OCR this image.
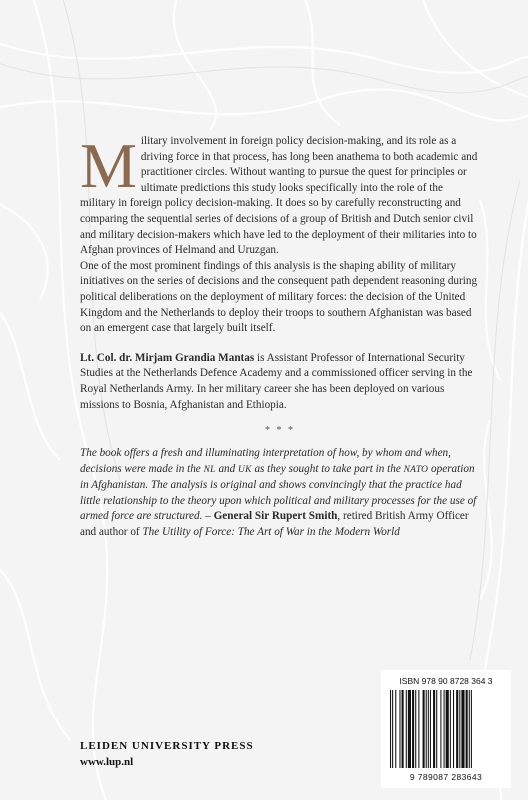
Military involvement in foreign policy decision-making, and its role as a driving force in that process, has long been anathema to both academic and practitioner circles. Without wanting to pursue the quest for principles or ultimate predictions this study looks specifically into the role of the military in foreign policy decision-making. It does so by carefully reconstructing and comparing the sequential series of decisions of a group of British and Dutch senior civil and military decision-makers which have led to the deployment of their militaries into to Afghan provinces of Helmand and Uruzgan.

One of the most prominent findings of this analysis is the shaping ability of military initiatives on the series of decisions and the consequent path dependent reasoning during political deliberations on the deployment of military forces: the decision of the United Kingdom and the Netherlands to deploy their troops to southern Afghanistan was based on an emergent case that largely built itself.

Lt. Col. dr. Mirjam Grandia Mantas is Assistant Professor of International Security Studies at the Netherlands Defence Academy and a commissioned officer serving in the Royal Netherlands Army. In her military career she has been deployed on various missions to Bosnia, Afghanistan and Ethiopia.

* * *

The book offers a fresh and illuminating interpretation of how, by whom and when, decisions were made in the NL and UK as they sought to take part in the NATO operation in Afghanistan. The analysis is original and shows convincingly that the practice had little relationship to the theory upon which political and military processes for the use of armed force are structured. – General Sir Rupert Smith, retired British Army Officer and author of The Utility of Force: The Art of War in the Modern World

ISBN 978 90 8728 364 3
9 789087 283643
LEIDEN UNIVERSITY PRESS
www.lup.nl
